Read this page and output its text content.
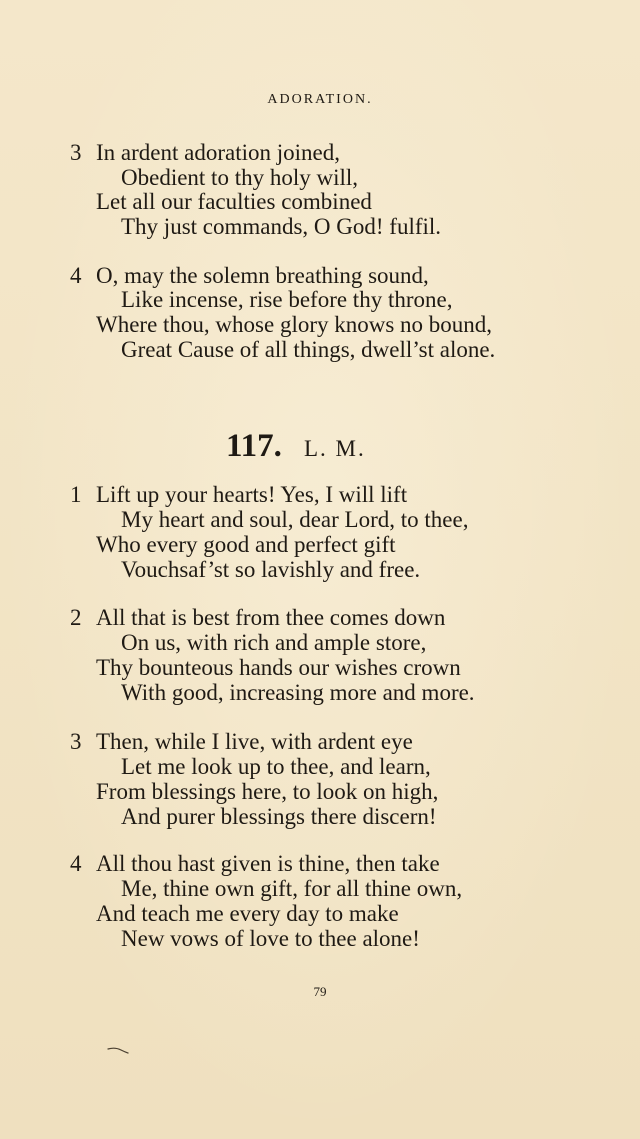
ADORATION.
3 In ardent adoration joined,
Obedient to thy holy will,
Let all our faculties combined
Thy just commands, O God! fulfil.
4 O, may the solemn breathing sound,
Like incense, rise before thy throne,
Where thou, whose glory knows no bound,
Great Cause of all things, dwell’st alone.
117. L. M.
1 Lift up your hearts! Yes, I will lift
My heart and soul, dear Lord, to thee,
Who every good and perfect gift
Vouchsaf’st so lavishly and free.
2 All that is best from thee comes down
On us, with rich and ample store,
Thy bounteous hands our wishes crown
With good, increasing more and more.
3 Then, while I live, with ardent eye
Let me look up to thee, and learn,
From blessings here, to look on high,
And purer blessings there discern!
4 All thou hast given is thine, then take
Me, thine own gift, for all thine own,
And teach me every day to make
New vows of love to thee alone!
79
